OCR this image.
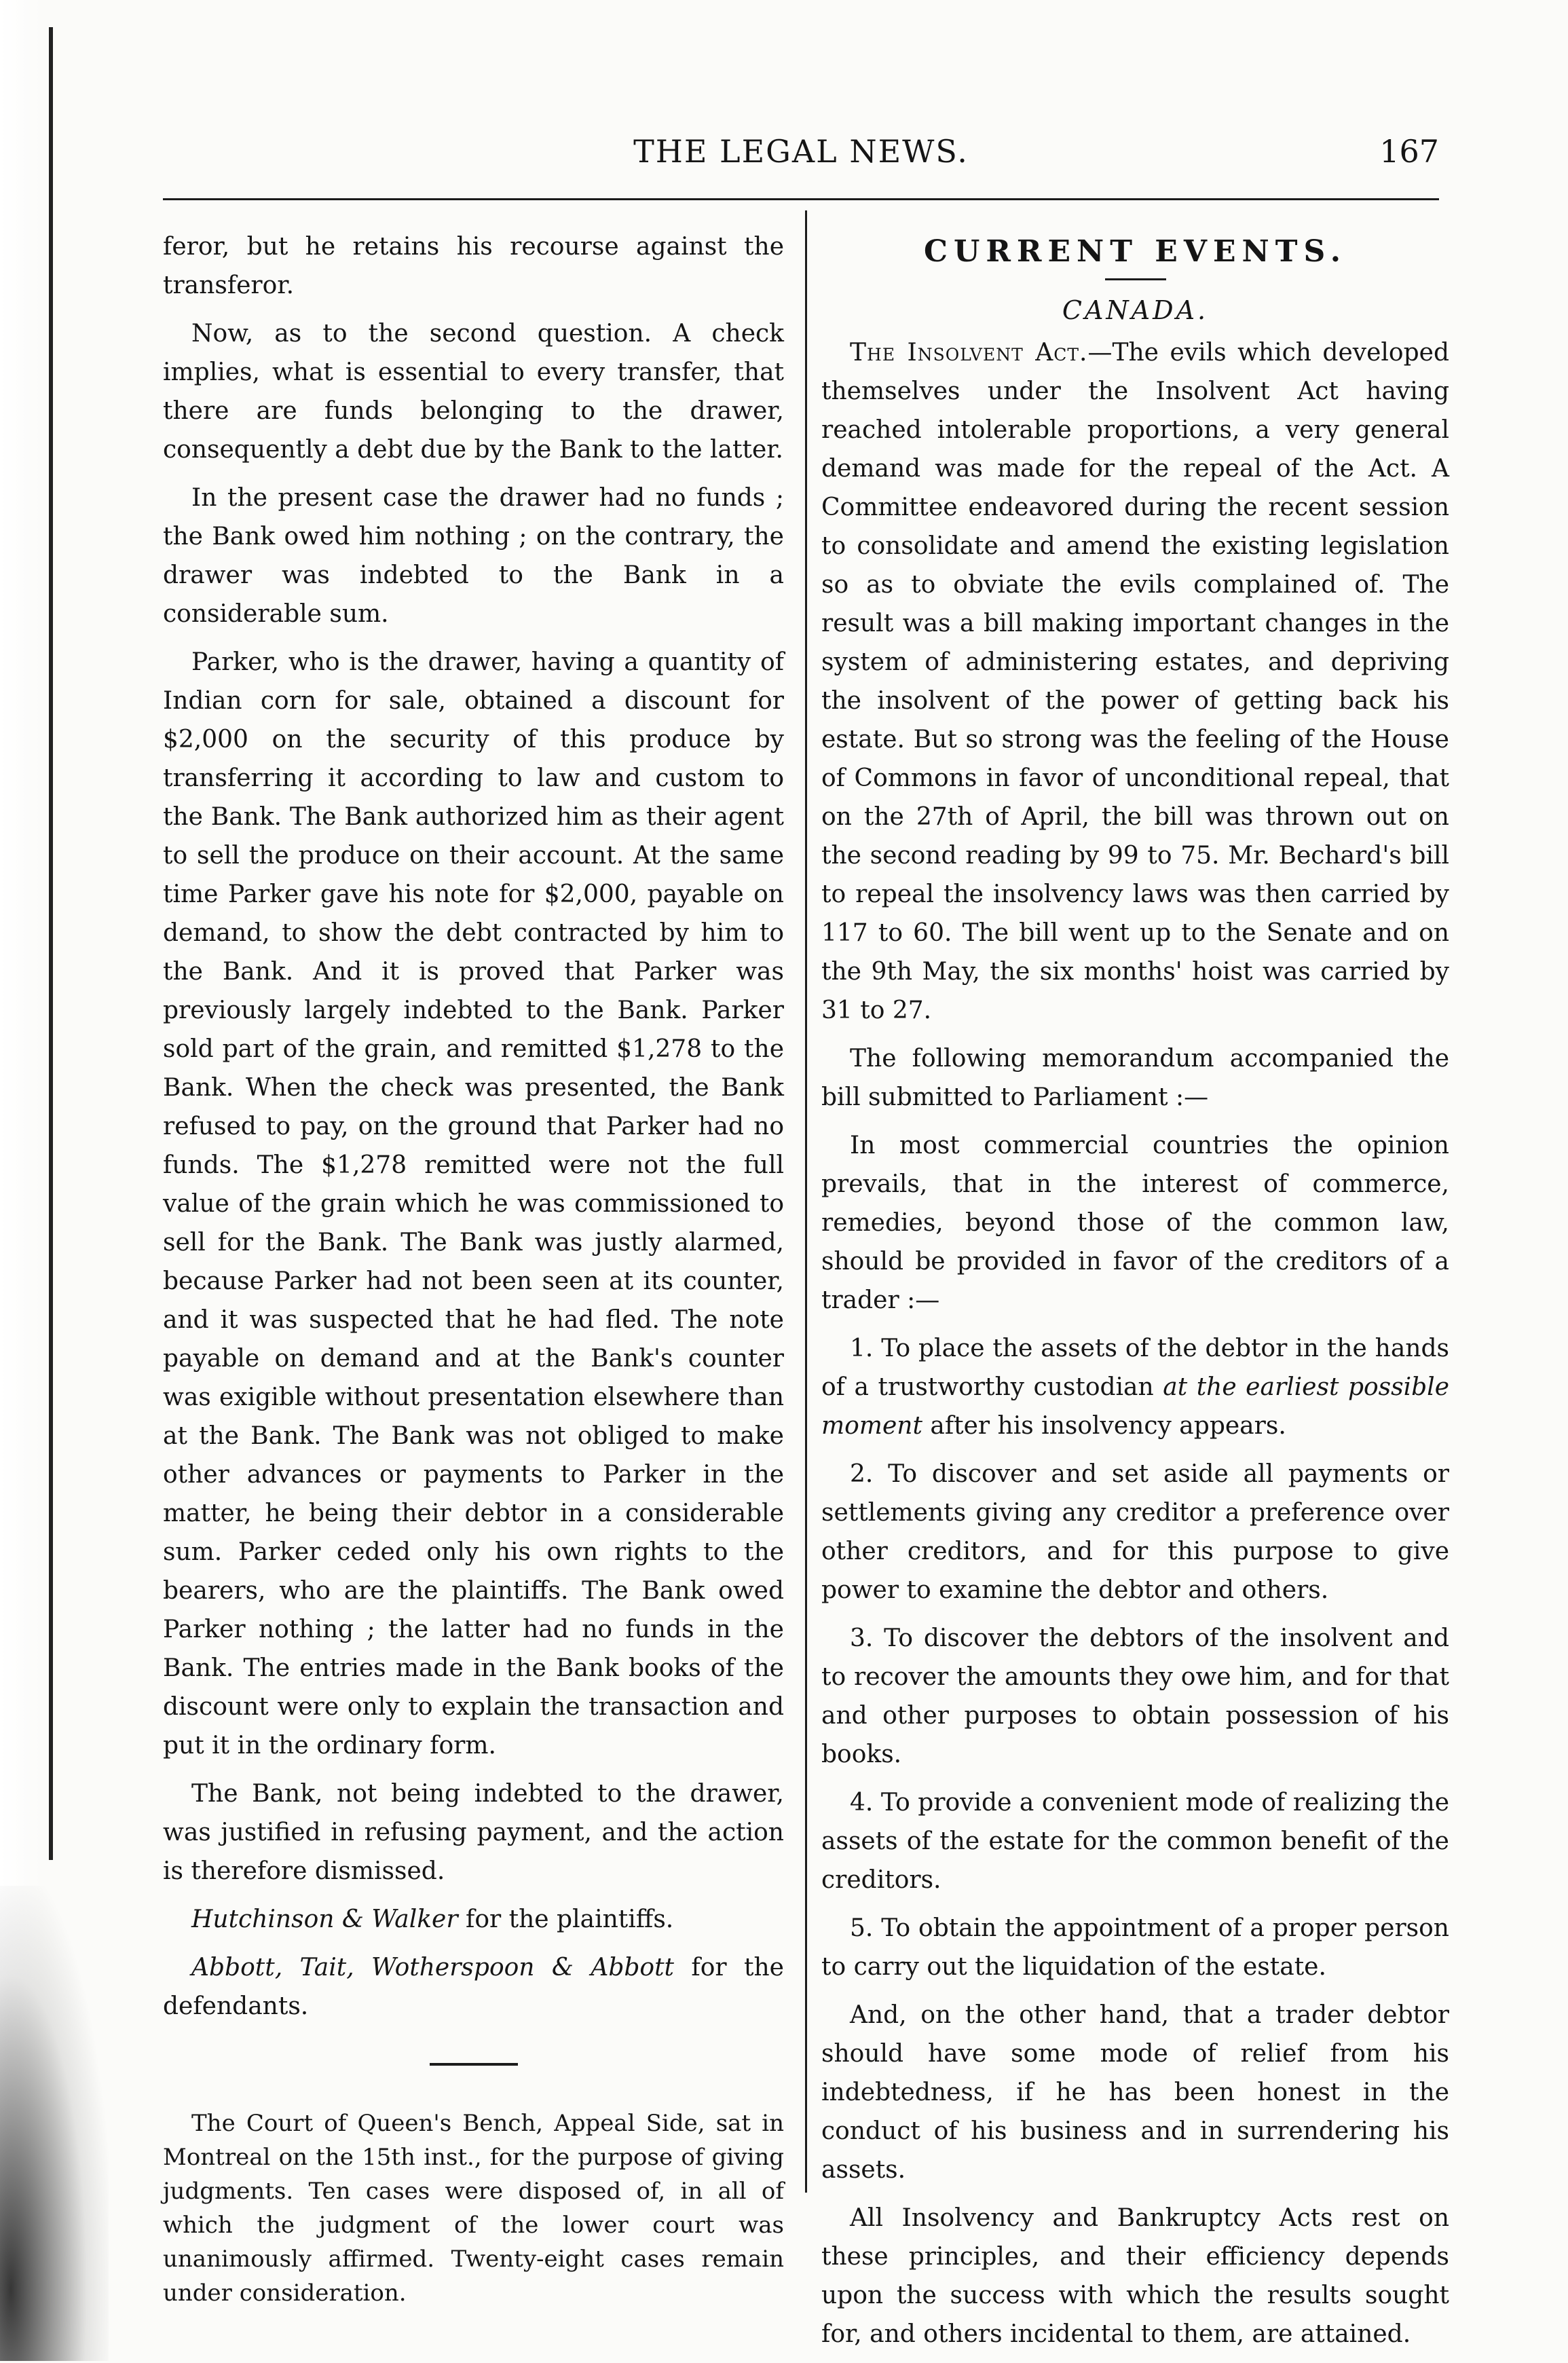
THE LEGAL NEWS.	167

feror, but he retains his recourse against the transferor.

Now, as to the second question. A check implies, what is essential to every transfer, that there are funds belonging to the drawer, consequently a debt due by the Bank to the latter.

In the present case the drawer had no funds ; the Bank owed him nothing ; on the contrary, the drawer was indebted to the Bank in a considerable sum.

Parker, who is the drawer, having a quantity of Indian corn for sale, obtained a discount for $2,000 on the security of this produce by transferring it according to law and custom to the Bank. The Bank authorized him as their agent to sell the produce on their account. At the same time Parker gave his note for $2,000, payable on demand, to show the debt contracted by him to the Bank. And it is proved that Parker was previously largely indebted to the Bank. Parker sold part of the grain, and remitted $1,278 to the Bank. When the check was presented, the Bank refused to pay, on the ground that Parker had no funds. The $1,278 remitted were not the full value of the grain which he was commissioned to sell for the Bank. The Bank was justly alarmed, because Parker had not been seen at its counter, and it was suspected that he had fled. The note payable on demand and at the Bank's counter was exigible without presentation elsewhere than at the Bank. The Bank was not obliged to make other advances or payments to Parker in the matter, he being their debtor in a considerable sum. Parker ceded only his own rights to the bearers, who are the plaintiffs. The Bank owed Parker nothing ; the latter had no funds in the Bank. The entries made in the Bank books of the discount were only to explain the transaction and put it in the ordinary form.

The Bank, not being indebted to the drawer, was justified in refusing payment, and the action is therefore dismissed.

Hutchinson & Walker for the plaintiffs.

Abbott, Tait, Wotherspoon & Abbott for the defendants.

The Court of Queen's Bench, Appeal Side, sat in Montreal on the 15th inst., for the purpose of giving judgments. Ten cases were disposed of, in all of which the judgment of the lower court was unanimously affirmed. Twenty-eight cases remain under consideration.

CURRENT EVENTS.
CANADA.

The Insolvent Act.—The evils which developed themselves under the Insolvent Act having reached intolerable proportions, a very general demand was made for the repeal of the Act. A Committee endeavored during the recent session to consolidate and amend the existing legislation so as to obviate the evils complained of. The result was a bill making important changes in the system of administering estates, and depriving the insolvent of the power of getting back his estate. But so strong was the feeling of the House of Commons in favor of unconditional repeal, that on the 27th of April, the bill was thrown out on the second reading by 99 to 75. Mr. Bechard's bill to repeal the insolvency laws was then carried by 117 to 60. The bill went up to the Senate and on the 9th May, the six months' hoist was carried by 31 to 27.

The following memorandum accompanied the bill submitted to Parliament :—

In most commercial countries the opinion prevails, that in the interest of commerce, remedies, beyond those of the common law, should be provided in favor of the creditors of a trader :—

1. To place the assets of the debtor in the hands of a trustworthy custodian at the earliest possible moment after his insolvency appears.

2. To discover and set aside all payments or settlements giving any creditor a preference over other creditors, and for this purpose to give power to examine the debtor and others.

3. To discover the debtors of the insolvent and to recover the amounts they owe him, and for that and other purposes to obtain possession of his books.

4. To provide a convenient mode of realizing the assets of the estate for the common benefit of the creditors.

5. To obtain the appointment of a proper person to carry out the liquidation of the estate.

And, on the other hand, that a trader debtor should have some mode of relief from his indebtedness, if he has been honest in the conduct of his business and in surrendering his assets.

All Insolvency and Bankruptcy Acts rest on these principles, and their efficiency depends upon the success with which the results sought for, and others incidental to them, are attained.
